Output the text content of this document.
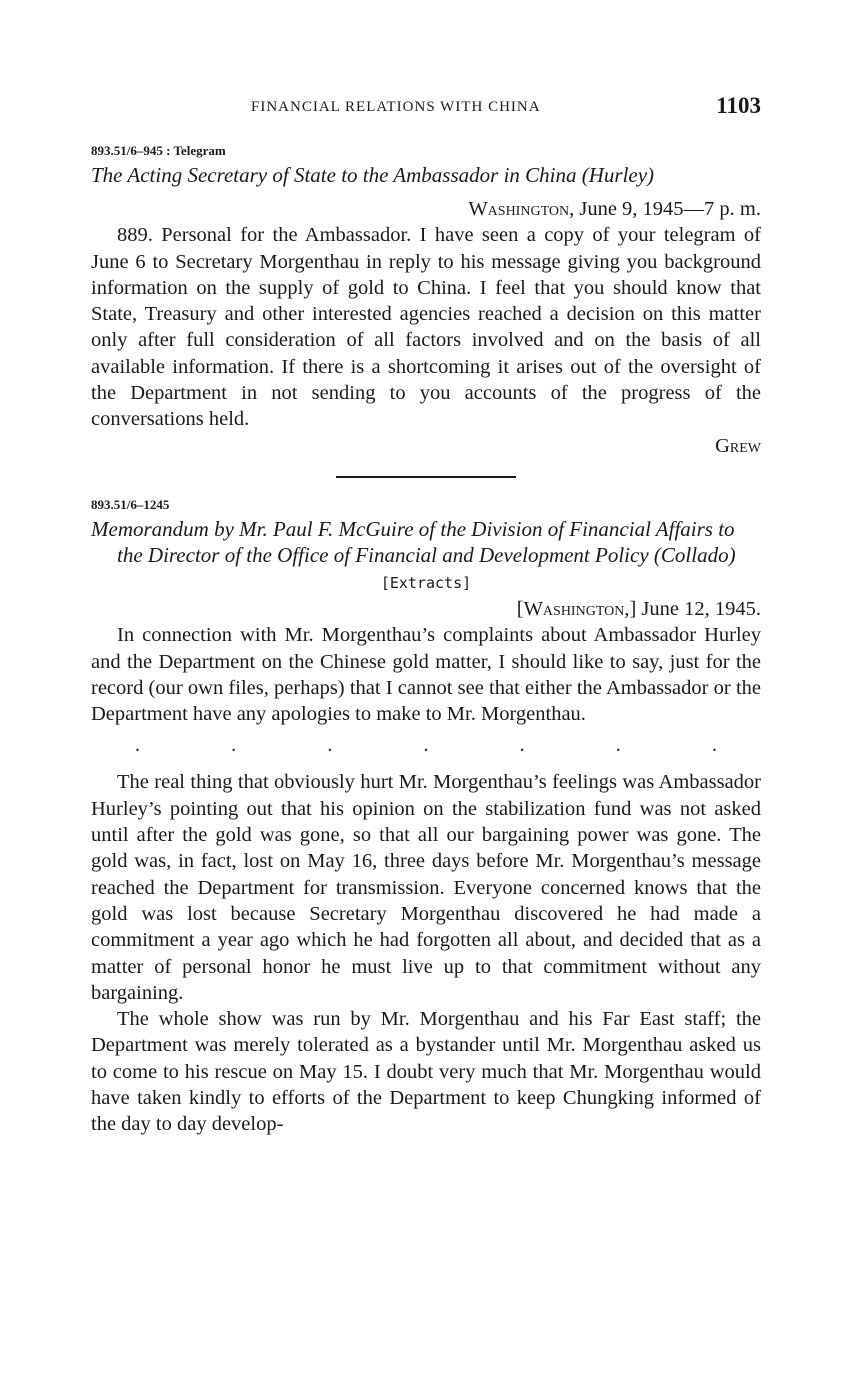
FINANCIAL RELATIONS WITH CHINA	1103

893.51/6–945 : Telegram

The Acting Secretary of State to the Ambassador in China (Hurley)

Washington, June 9, 1945—7 p. m.

889. Personal for the Ambassador. I have seen a copy of your telegram of June 6 to Secretary Morgenthau in reply to his message giving you background information on the supply of gold to China. I feel that you should know that State, Treasury and other interested agencies reached a decision on this matter only after full consideration of all factors involved and on the basis of all available information. If there is a shortcoming it arises out of the oversight of the Department in not sending to you accounts of the progress of the conversations held.

Grew

893.51/6–1245

Memorandum by Mr. Paul F. McGuire of the Division of Financial Affairs to the Director of the Office of Financial and Development Policy (Collado)

[Extracts]

[Washington,] June 12, 1945.

In connection with Mr. Morgenthau’s complaints about Ambassador Hurley and the Department on the Chinese gold matter, I should like to say, just for the record (our own files, perhaps) that I cannot see that either the Ambassador or the Department have any apologies to make to Mr. Morgenthau.

.	.	.	.	.	.	.

The real thing that obviously hurt Mr. Morgenthau’s feelings was Ambassador Hurley’s pointing out that his opinion on the stabilization fund was not asked until after the gold was gone, so that all our bargaining power was gone. The gold was, in fact, lost on May 16, three days before Mr. Morgenthau’s message reached the Department for transmission. Everyone concerned knows that the gold was lost because Secretary Morgenthau discovered he had made a commitment a year ago which he had forgotten all about, and decided that as a matter of personal honor he must live up to that commitment without any bargaining.

The whole show was run by Mr. Morgenthau and his Far East staff; the Department was merely tolerated as a bystander until Mr. Morgenthau asked us to come to his rescue on May 15. I doubt very much that Mr. Morgenthau would have taken kindly to efforts of the Department to keep Chungking informed of the day to day develop-
